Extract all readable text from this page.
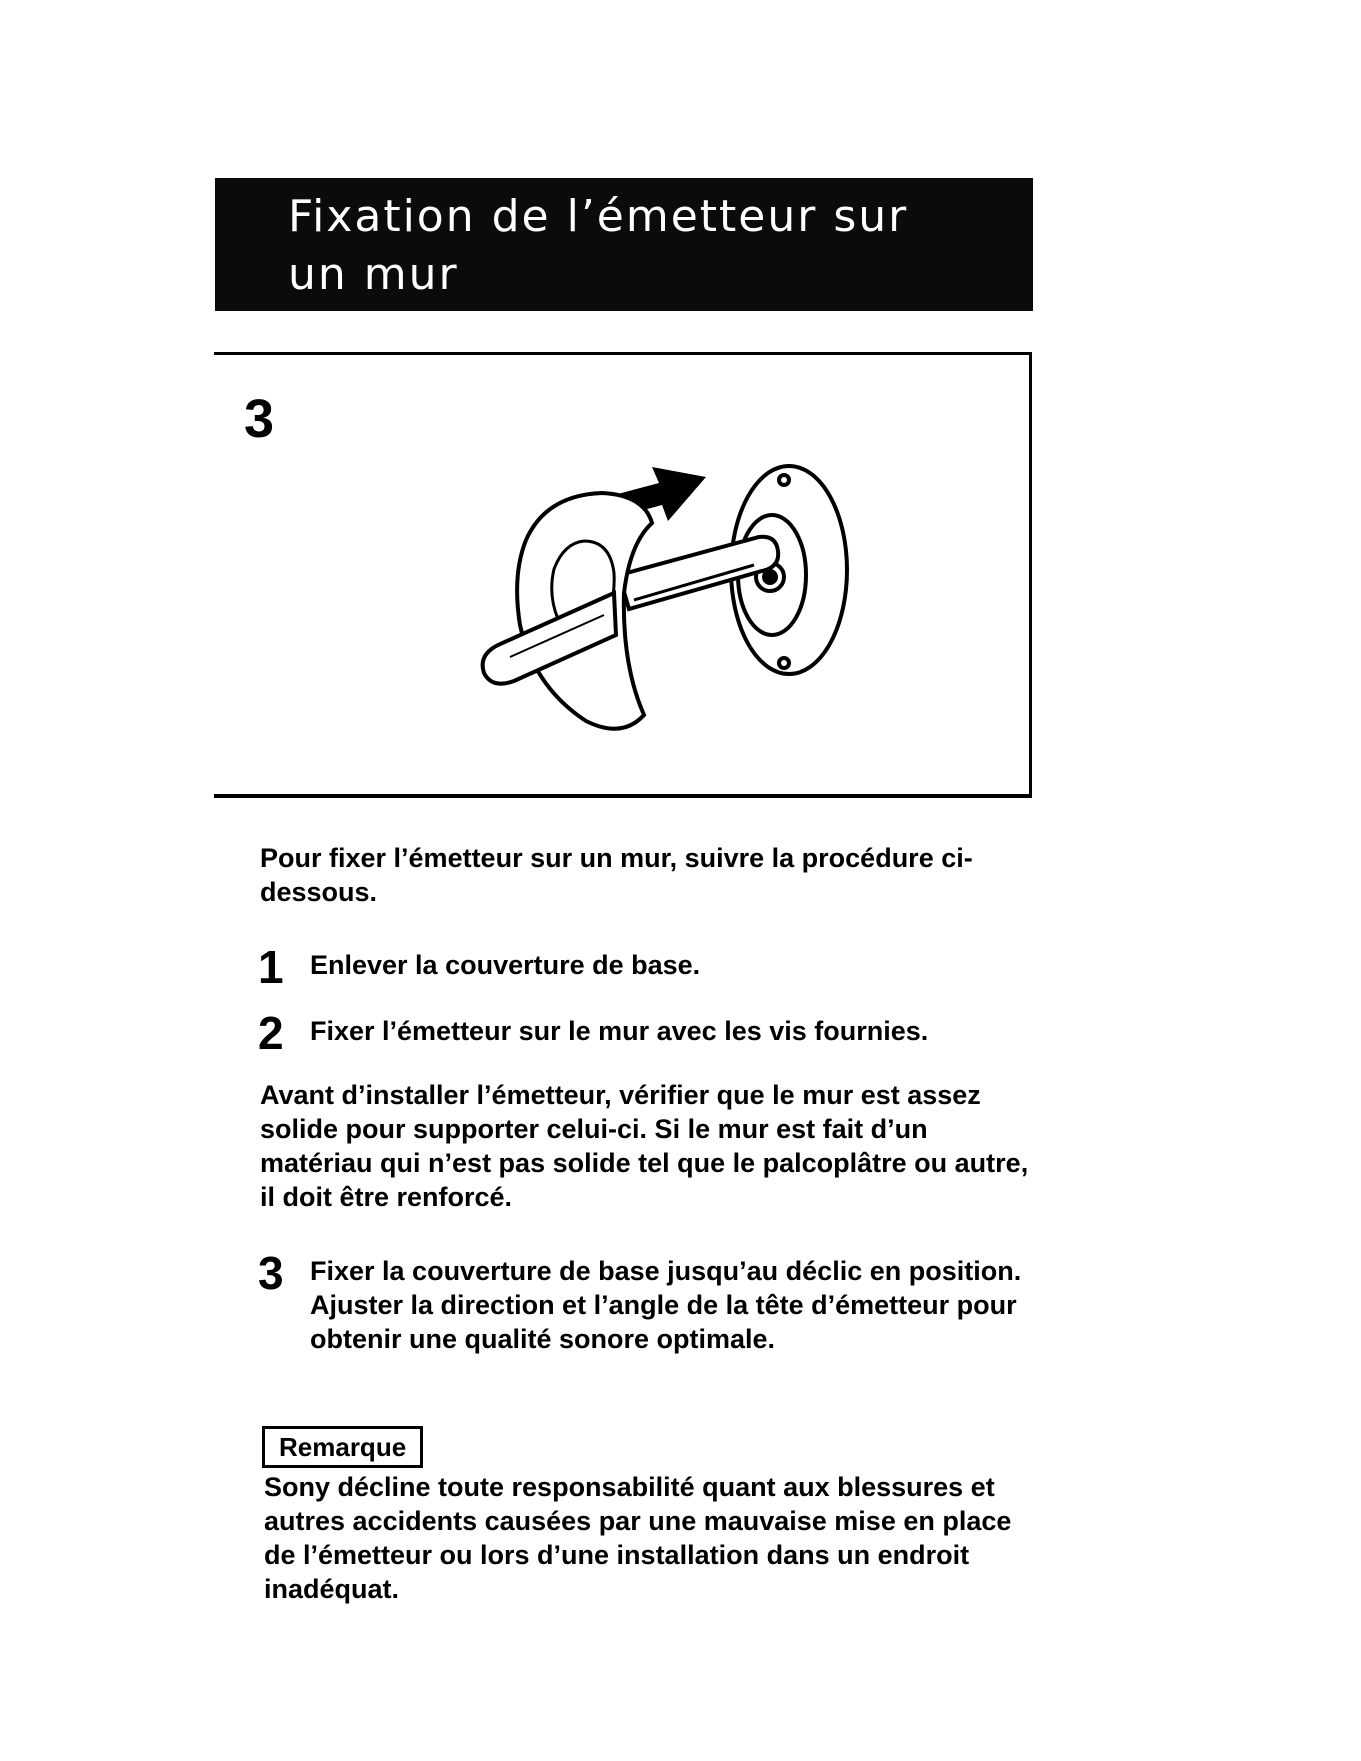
Fixation de l’émetteur sur
un mur
3

Pour fixer l’émetteur sur un mur, suivre la procédure ci-dessous.

1 Enlever la couverture de base.

2 Fixer l’émetteur sur le mur avec les vis fournies.

Avant d’installer l’émetteur, vérifier que le mur est assez solide pour supporter celui-ci. Si le mur est fait d’un matériau qui n’est pas solide tel que le palcoplâtre ou autre, il doit être renforcé.

3 Fixer la couverture de base jusqu’au déclic en position. Ajuster la direction et l’angle de la tête d’émetteur pour obtenir une qualité sonore optimale.

Remarque

Sony décline toute responsabilité quant aux blessures et autres accidents causées par une mauvaise mise en place de l’émetteur ou lors d’une installation dans un endroit inadéquat.
